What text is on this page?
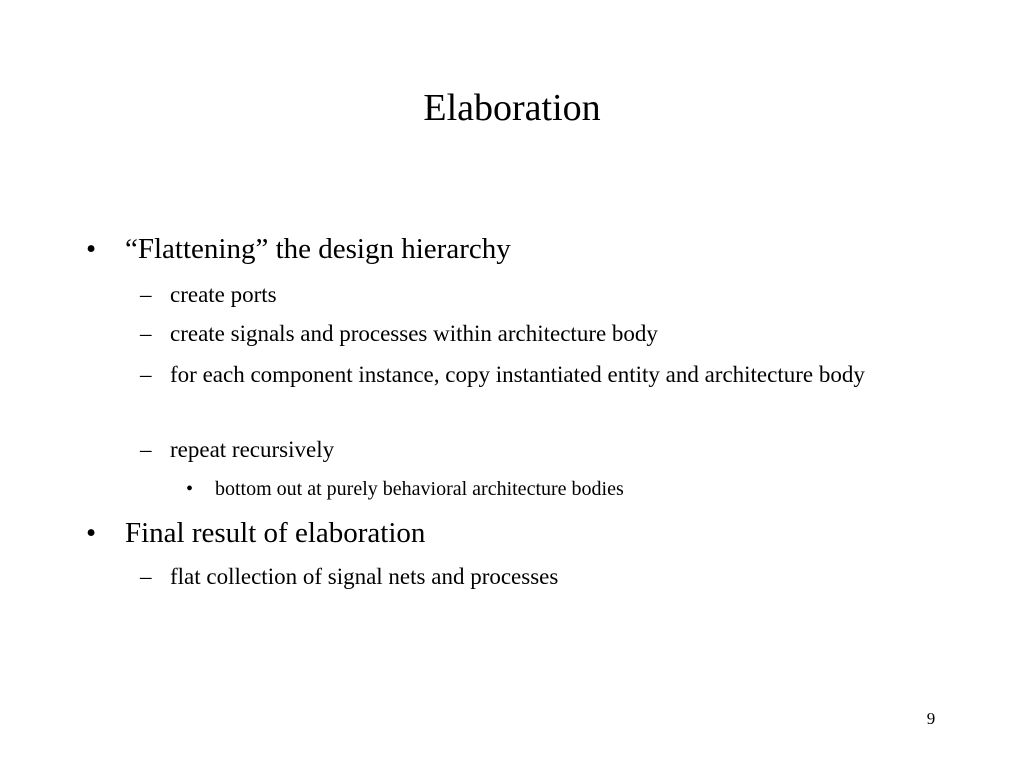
Elaboration
• “Flattening” the design hierarchy
– create ports
– create signals and processes within architecture body
– for each component instance, copy instantiated entity and architecture body
– repeat recursively
•	bottom out at purely behavioral architecture bodies
• Final result of elaboration
– flat collection of signal nets and processes
9
